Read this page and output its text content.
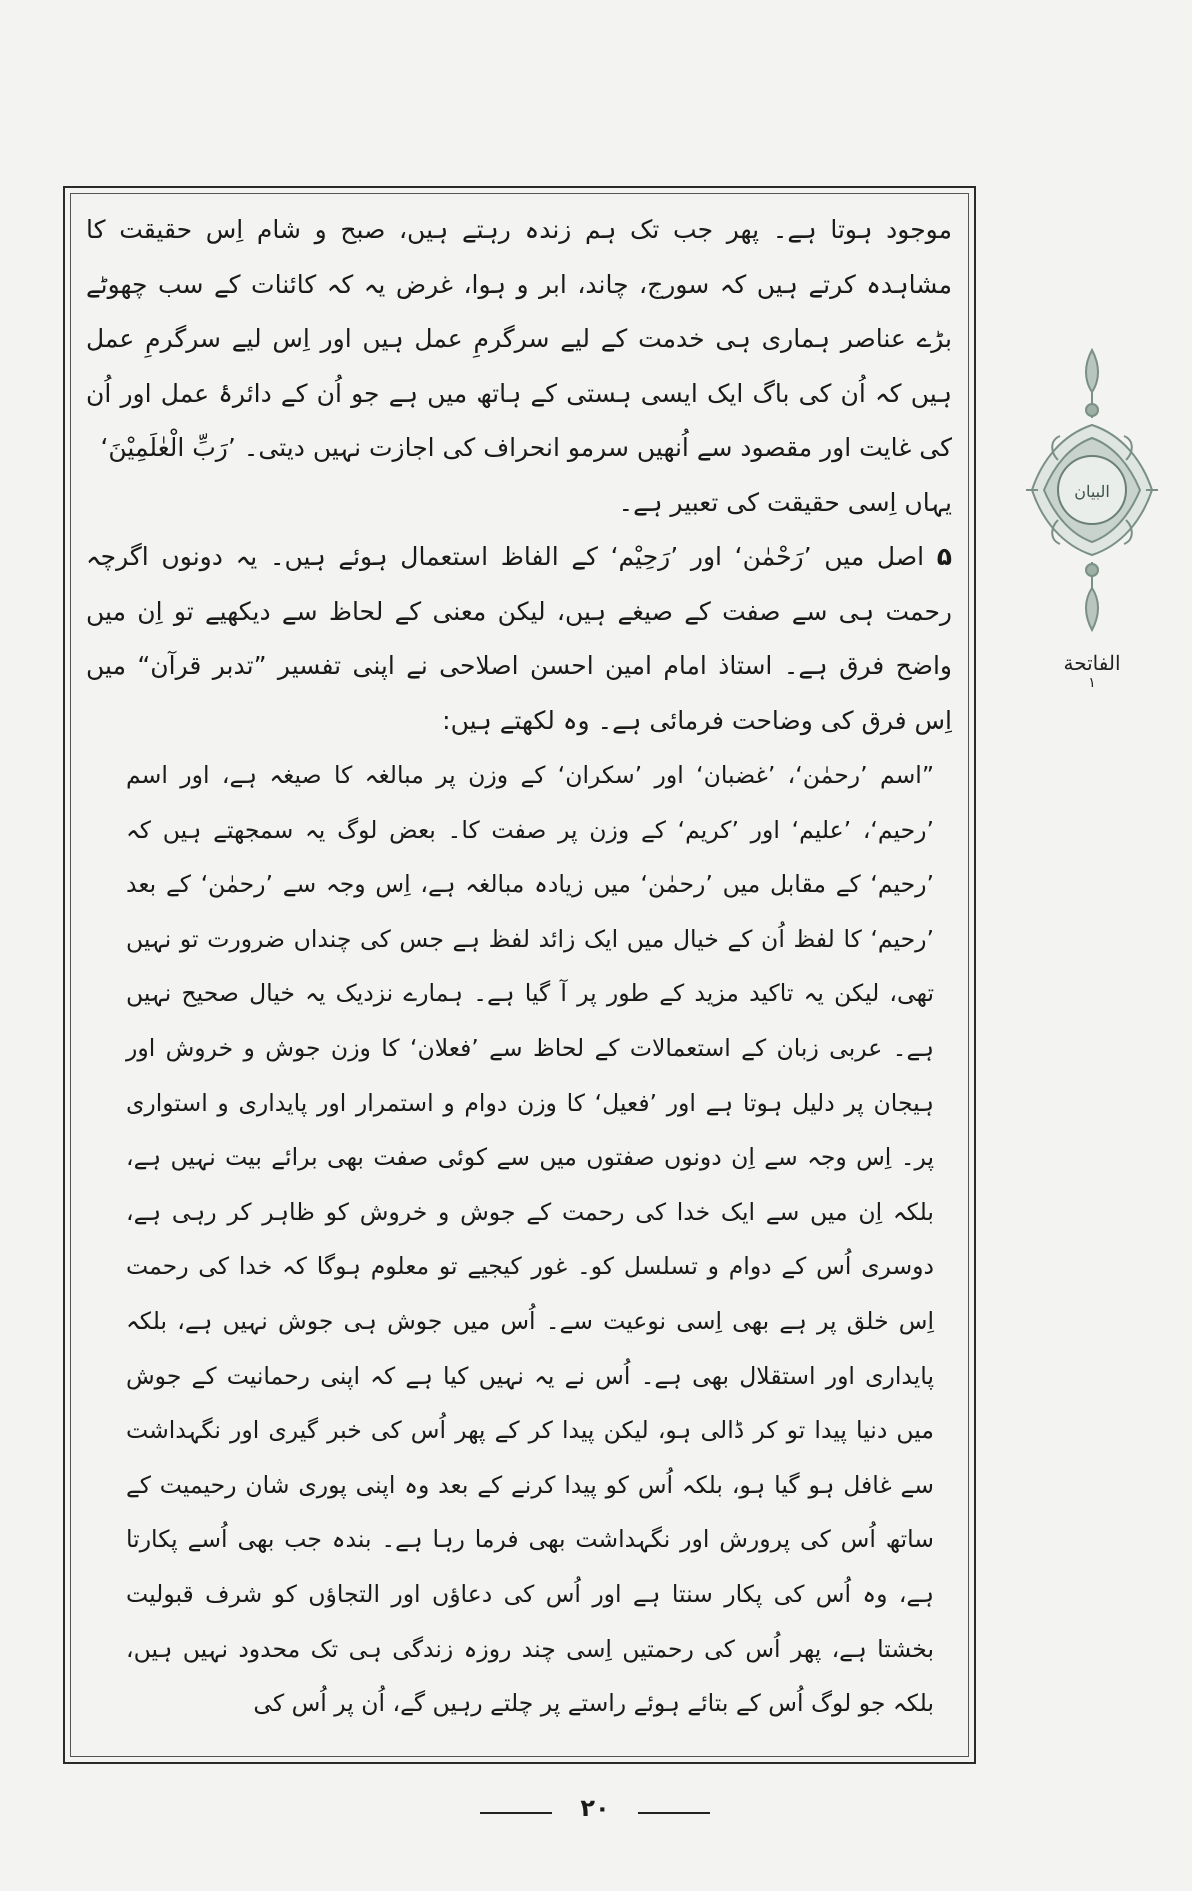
موجود ہوتا ہے۔ پھر جب تک ہم زندہ رہتے ہیں، صبح و شام اِس حقیقت کا مشاہدہ کرتے ہیں کہ سورج، چاند، ابر و ہوا، غرض یہ کہ کائنات کے سب چھوٹے بڑے عناصر ہماری ہی خدمت کے لیے سرگرمِ عمل ہیں اور اِس لیے سرگرمِ عمل ہیں کہ اُن کی باگ ایک ایسی ہستی کے ہاتھ میں ہے جو اُن کے دائرۂ عمل اور اُن کی غایت اور مقصود سے اُنھیں سرمو انحراف کی اجازت نہیں دیتی۔ ’رَبِّ الْعٰلَمِیْنَ‘
یہاں اِسی حقیقت کی تعبیر ہے۔
۵ اصل میں ’رَحْمٰن‘ اور ’رَحِیْم‘ کے الفاظ استعمال ہوئے ہیں۔ یہ دونوں اگرچہ رحمت ہی سے صفت کے صیغے ہیں، لیکن معنی کے لحاظ سے دیکھیے تو اِن میں واضح فرق ہے۔ استاذ امام امین احسن اصلاحی نے اپنی تفسیر ”تدبر قرآن“ میں اِس فرق کی وضاحت فرمائی ہے۔ وہ لکھتے ہیں:
”اسم ’رحمٰن‘، ’غضبان‘ اور ’سکران‘ کے وزن پر مبالغہ کا صیغہ ہے، اور اسم ’رحیم‘، ’علیم‘ اور ’کریم‘ کے وزن پر صفت کا۔ بعض لوگ یہ سمجھتے ہیں کہ ’رحیم‘ کے مقابل میں ’رحمٰن‘ میں زیادہ مبالغہ ہے، اِس وجہ سے ’رحمٰن‘ کے بعد ’رحیم‘ کا لفظ اُن کے خیال میں ایک زائد لفظ ہے جس کی چنداں ضرورت تو نہیں تھی، لیکن یہ تاکید مزید کے طور پر آ گیا ہے۔ ہمارے نزدیک یہ خیال صحیح نہیں ہے۔ عربی زبان کے استعمالات کے لحاظ سے ’فعلان‘ کا وزن جوش و خروش اور ہیجان پر دلیل ہوتا ہے اور ’فعیل‘ کا وزن دوام و استمرار اور پایداری و استواری پر۔ اِس وجہ سے اِن دونوں صفتوں میں سے کوئی صفت بھی برائے بیت نہیں ہے، بلکہ اِن میں سے ایک خدا کی رحمت کے جوش و خروش کو ظاہر کر رہی ہے، دوسری اُس کے دوام و تسلسل کو۔ غور کیجیے تو معلوم ہوگا کہ خدا کی رحمت اِس خلق پر ہے بھی اِسی نوعیت سے۔ اُس میں جوش ہی جوش نہیں ہے، بلکہ پایداری اور استقلال بھی ہے۔ اُس نے یہ نہیں کیا ہے کہ اپنی رحمانیت کے جوش میں دنیا پیدا تو کر ڈالی ہو، لیکن پیدا کر کے پھر اُس کی خبر گیری اور نگہداشت سے غافل ہو گیا ہو، بلکہ اُس کو پیدا کرنے کے بعد وہ اپنی پوری شان رحیمیت کے ساتھ اُس کی پرورش اور نگہداشت بھی فرما رہا ہے۔ بندہ جب بھی اُسے پکارتا ہے، وہ اُس کی پکار سنتا ہے اور اُس کی دعاؤں اور التجاؤں کو شرف قبولیت بخشتا ہے، پھر اُس کی رحمتیں اِسی چند روزہ زندگی ہی تک محدود نہیں ہیں، بلکہ جو لوگ اُس کے بتائے ہوئے راستے پر چلتے رہیں گے، اُن پر اُس کی
البیان
الفاتحة
۱
۲۰
